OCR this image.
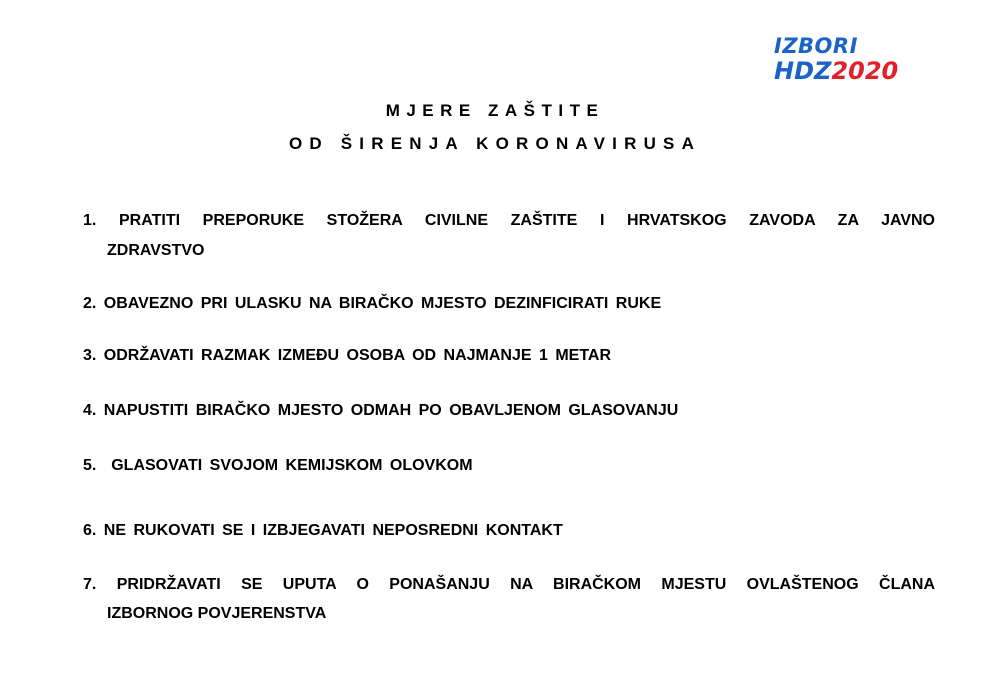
IZBORI
HDZ2020
MJERE ZAŠTITE
OD ŠIRENJA KORONAVIRUSA
1. PRATITI PREPORUKE STOŽERA CIVILNE ZAŠTITE I HRVATSKOG ZAVODA ZA JAVNO
ZDRAVSTVO
2. OBAVEZNO PRI ULASKU NA BIRAČKO MJESTO DEZINFICIRATI RUKE
3. ODRŽAVATI RAZMAK IZMEĐU OSOBA OD NAJMANJE 1 METAR
4. NAPUSTITI BIRAČKO MJESTO ODMAH PO OBAVLJENOM GLASOVANJU
5. GLASOVATI SVOJOM KEMIJSKOM OLOVKOM
6. NE RUKOVATI SE I IZBJEGAVATI NEPOSREDNI KONTAKT
7. PRIDRŽAVATI SE UPUTA O PONAŠANJU NA BIRAČKOM MJESTU OVLAŠTENOG ČLANA
IZBORNOG POVJERENSTVA
